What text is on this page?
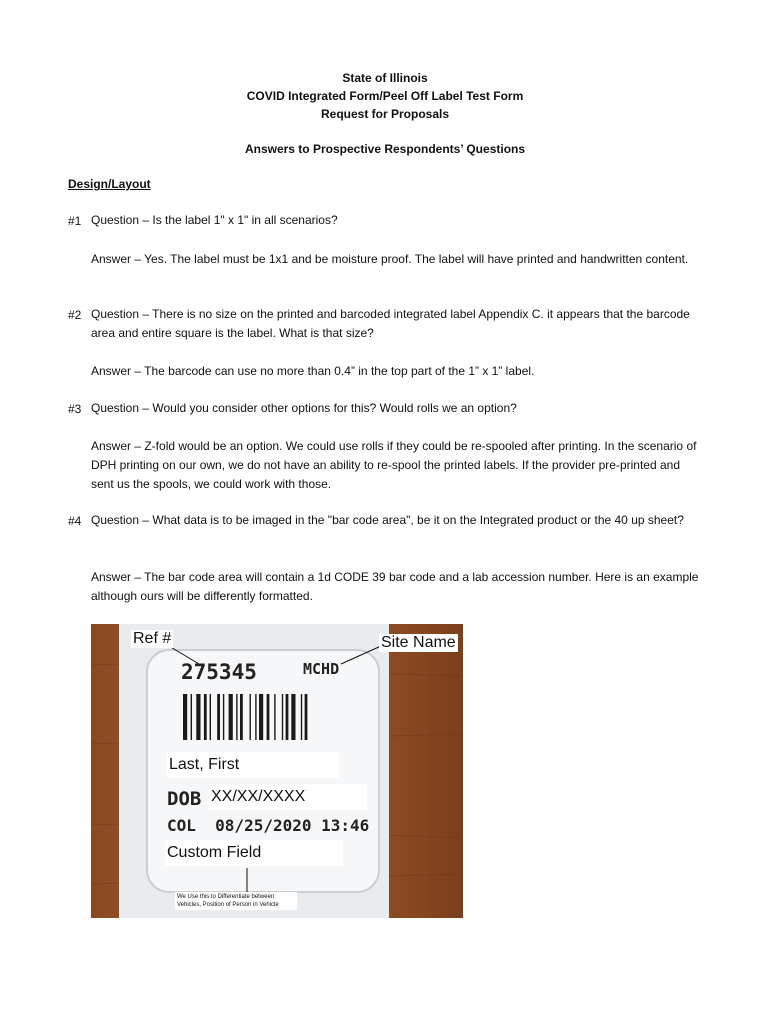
State of Illinois
COVID Integrated Form/Peel Off Label Test Form
Request for Proposals
Answers to Prospective Respondents’ Questions
Design/Layout
#1 Question – Is the label 1" x 1" in all scenarios?
Answer – Yes. The label must be 1x1 and be moisture proof. The label will have printed and handwritten content.
#2 Question – There is no size on the printed and barcoded integrated label Appendix C. it appears that the barcode area and entire square is the label. What is that size?
Answer – The barcode can use no more than 0.4” in the top part of the 1” x 1” label.
#3 Question – Would you consider other options for this? Would rolls we an option?
Answer – Z-fold would be an option. We could use rolls if they could be re-spooled after printing. In the scenario of DPH printing on our own, we do not have an ability to re-spool the printed labels. If the provider pre-printed and sent us the spools, we could work with those.
#4 Question – What data is to be imaged in the "bar code area", be it on the Integrated product or the 40 up sheet?
Answer – The bar code area will contain a 1d CODE 39 bar code and a lab accession number. Here is an example although ours will be differently formatted.
Ref #	Site Name
275345	MCHD
Last, First
DOB XX/XX/XXXX
COL  08/25/2020 13:46
Custom Field
We Use this to Differentiate between
Vehicles, Position of Person in Vehicle
